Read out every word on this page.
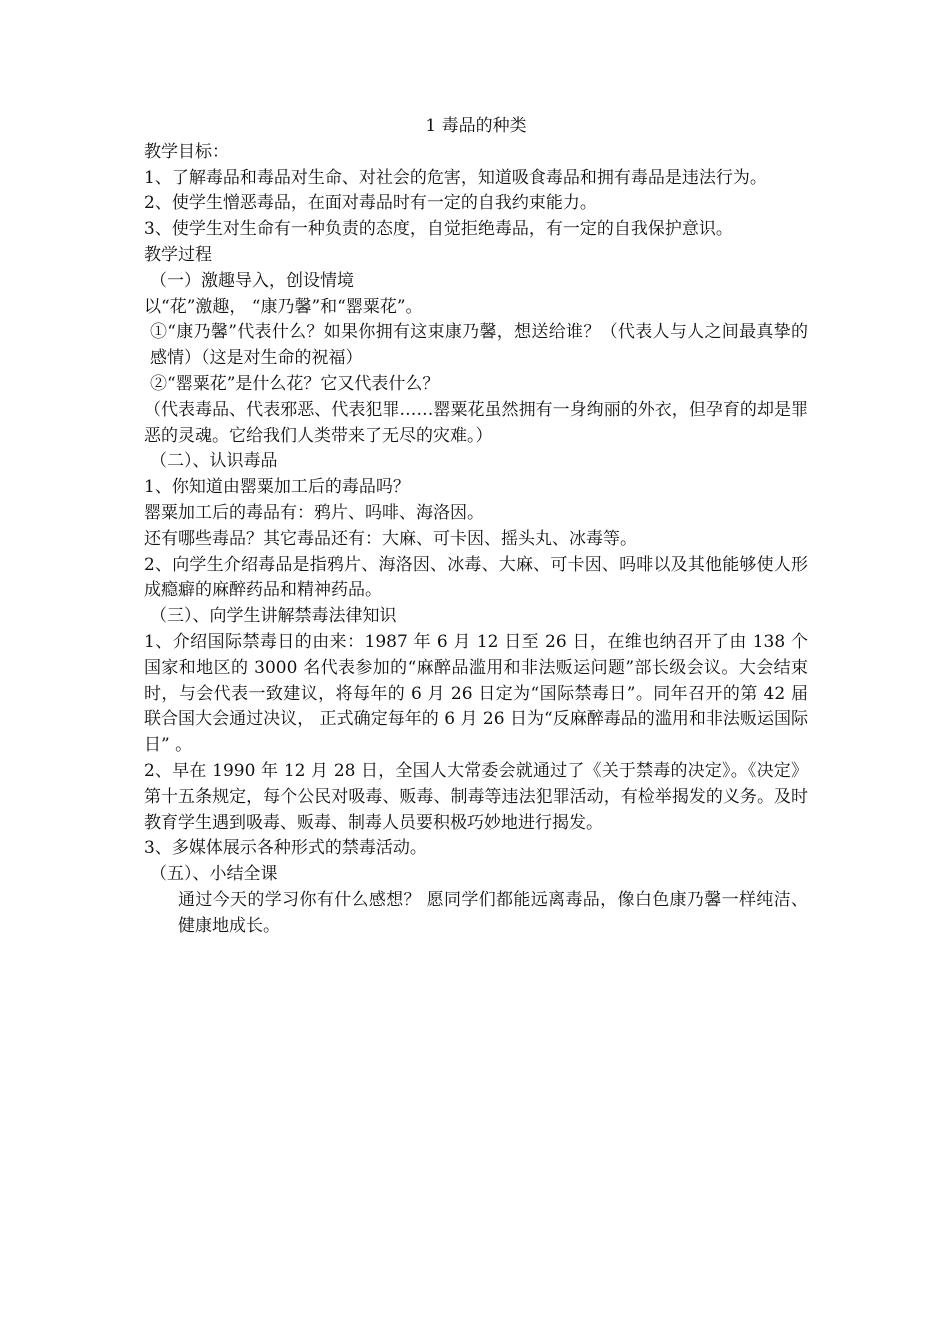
1 毒品的种类

教学目标：

1、了解毒品和毒品对生命、对社会的危害，知道吸食毒品和拥有毒品是违法行为。

2、使学生憎恶毒品，在面对毒品时有一定的自我约束能力。

3、使学生对生命有一种负责的态度，自觉拒绝毒品，有一定的自我保护意识。

教学过程

（一）激趣导入，创设情境

以“花”激趣， “康乃馨”和“罂粟花”。

①“康乃馨”代表什么？如果你拥有这束康乃馨，想送给谁？（代表人与人之间最真挚的感情）（这是对生命的祝福）

②“罂粟花”是什么花？它又代表什么？

（代表毒品、代表邪恶、代表犯罪……罂粟花虽然拥有一身绚丽的外衣，但孕育的却是罪恶的灵魂。它给我们人类带来了无尽的灾难。）

（二）、认识毒品

1、你知道由罂粟加工后的毒品吗？

罂粟加工后的毒品有：鸦片、吗啡、海洛因。

还有哪些毒品？其它毒品还有：大麻、可卡因、摇头丸、冰毒等。

2、向学生介绍毒品是指鸦片、海洛因、冰毒、大麻、可卡因、吗啡以及其他能够使人形成瘾癖的麻醉药品和精神药品。

（三）、向学生讲解禁毒法律知识

1、介绍国际禁毒日的由来：1987 年 6 月 12 日至 26 日，在维也纳召开了由 138 个国家和地区的 3000 名代表参加的“麻醉品滥用和非法贩运问题”部长级会议。大会结束时，与会代表一致建议，将每年的 6 月 26 日定为“国际禁毒日”。同年召开的第 42 届联合国大会通过决议， 正式确定每年的 6 月 26 日为“反麻醉毒品的滥用和非法贩运国际日” 。

2、早在 1990 年 12 月 28 日，全国人大常委会就通过了《关于禁毒的决定》。《决定》第十五条规定，每个公民对吸毒、贩毒、制毒等违法犯罪活动，有检举揭发的义务。及时教育学生遇到吸毒、贩毒、制毒人员要积极巧妙地进行揭发。

3、多媒体展示各种形式的禁毒活动。

（五）、小结全课

通过今天的学习你有什么感想？ 愿同学们都能远离毒品，像白色康乃馨一样纯洁、健康地成长。
